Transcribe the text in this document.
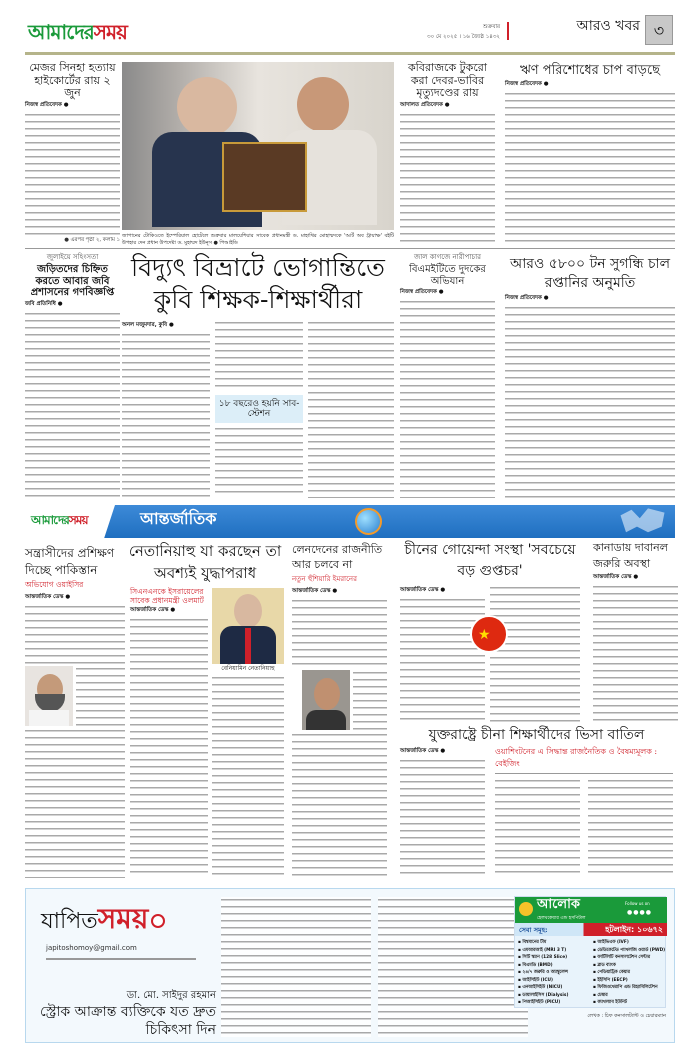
আমাদেরসময়	শুক্রবার
৩০ মে ২০২৫ । ১৬ জ্যৈষ্ঠ ১৪৩২
আরও খবর ৩
মেজর সিনহা হত্যায় হাইকোর্টের রায় ২ জুন
নিজস্ব প্রতিবেদক ●
● এরপর পৃষ্ঠা ২, কলাম ১
জাপানের টোকিওতে ইম্পেরিয়াল হোটেলে শুক্রবার মালয়েশিয়ার সাবেক প্রধানমন্ত্রী ড. মাহাথির মোহাম্মদকে 'আর্ট অব ট্রায়াম্ফ' বইটি উপহার দেন প্রধান উপদেষ্টা ড. মুহাম্মদ ইউনূস ● পিআইডি
কবিরাজকে টুকরো করা দেবর-ভাবির মৃত্যুদণ্ডের রায়
আদালত প্রতিবেদক ●
ঋণ পরিশোধের চাপ বাড়ছে
নিজস্ব প্রতিবেদক ●
জুলাইয়ে সহিংসতা
জড়িতদের চিহ্নিত করতে আবার জবি প্রশাসনের গণবিজ্ঞপ্তি
জবি প্রতিনিধি ●
বিদ্যুৎ বিভ্রাটে ভোগান্তিতে কুবি শিক্ষক-শিক্ষার্থীরা
অনল মজুমদার, কুবি ●
১৮ বছরেও হয়নি সাব-স্টেশন
জাল কাগজে নারীপাচার
বিএমইটিতে দুদকের অভিযান
নিজস্ব প্রতিবেদক ●
আরও ৫৮০০ টন সুগন্ধি চাল রপ্তানির অনুমতি
নিজস্ব প্রতিবেদক ●
আমাদেরসময়	আন্তর্জাতিক
সন্ত্রাসীদের প্রশিক্ষণ দিচ্ছে পাকিস্তান
অভিযোগ ওয়াইসির
আন্তর্জাতিক ডেস্ক ●
নেতানিয়াহু যা করছেন তা অবশ্যই যুদ্ধাপরাধ
সিএনএনকে ইসরায়েলের সাবেক প্রধানমন্ত্রী ওলমার্ট
আন্তর্জাতিক ডেস্ক ●
বেনিয়ামিন নেতানিয়াহু
লেনদেনের রাজনীতি আর চলবে না
নতুন হুঁশিয়ারি ইমরানের
আন্তর্জাতিক ডেস্ক ●
চীনের গোয়েন্দা সংস্থা 'সবচেয়ে বড় গুপ্তচর'
আন্তর্জাতিক ডেস্ক ●
★
কানাডায় দাবানল জরুরি অবস্থা
আন্তর্জাতিক ডেস্ক ●
যুক্তরাষ্ট্রে চীনা শিক্ষার্থীদের ভিসা বাতিল
আন্তর্জাতিক ডেস্ক ●	ওয়াশিংটনের এ সিদ্ধান্ত রাজনৈতিক ও বৈষম্যমূলক : বেইজিং
যাপিতসময়
japitoshomoy@gmail.com
ডা. মো. সাইদুর রহমান
স্ট্রোক আক্রান্ত ব্যক্তিকে যত দ্রুত চিকিৎসা দিন
আলোক
হেলথকেয়ার এন্ড হসপিটাল
Follow us on
●●●●
সেবা সমূহ:	হটলাইন: ১০৬৭২
▪ বিশ্বমানের টীম
▪ এমআরআই (MRI 3 T)
▪ সিটি স্ক্যান (128 Slice)
▪ বিএমডি (BMD)
▪ ২৪/৭ জরুরি ও অ্যাম্বুলেন্স
▪ আইসিইউ (ICU)
▪ এনআইসিইউ (NICU)
▪ ডায়ালাইসিস (Dialysis)
▪ পিআইসিইউ (PICU)
▪ আইভিএফ (IVF)
▪ ডেডিকেটেড প্যাথলজি ওয়ার্ড (PWD)
▪ ফার্টিলিটি কনসালটেশন সেন্টার
▪ ব্লাড ব্যাংক
▪ পেডিয়াট্রিক কেয়ার
▪ ইইসিপি (EECP)
▪ ফিজিওথেরাপি এন্ড রিহ্যাবিলিটেশন
▪ চেম্বার
▪ ক্যাথল্যাব ইউনিট
লেখক : চিফ কনসালট্যান্ট ও চেয়ারম্যান
